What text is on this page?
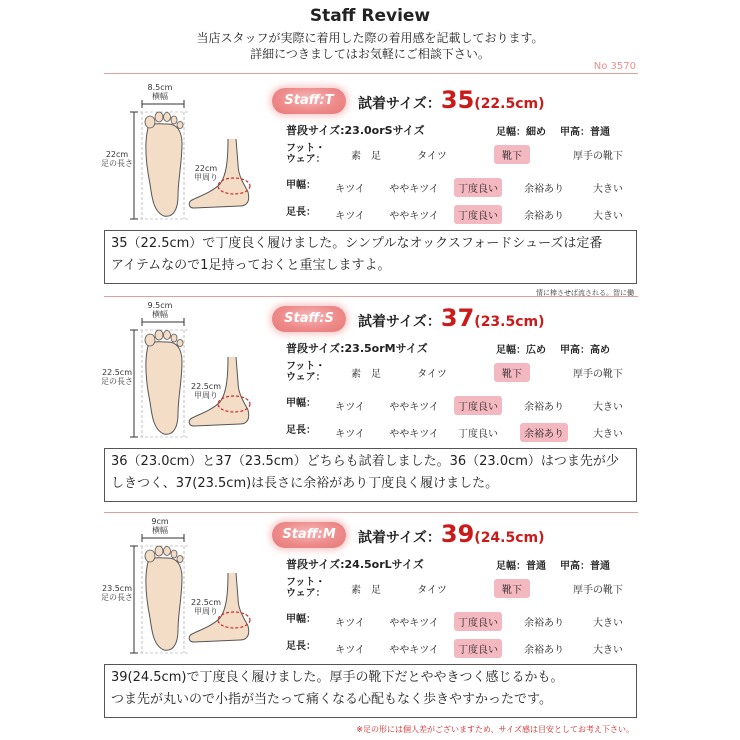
Staff Review
当店スタッフが実際に着用した際の着用感を記載しております。
詳細につきましてはお気軽にご相談下さい。
No 3570
8.5cm
横幅
22cm
足の長さ
22cm
甲周り
Staff:T	試着サイズ：35(22.5cm)
普段サイズ:23.0orSサイズ	足幅：細め 甲高：普通
フット・
ウェア：	素　足	タイツ	靴下	厚手の靴下
甲幅：	キツイ	ややキツイ	丁度良い	余裕あり	大きい
足長：	キツイ	ややキツイ	丁度良い	余裕あり	大きい
35（22.5cm）で丁度良く履けました。シンプルなオックスフォードシューズは定番
アイテムなので1足持っておくと重宝しますよ。
情に棒させば流される。智に働
9.5cm
横幅
22.5cm
足の長さ
22.5cm
甲周り
Staff:S	試着サイズ：37(23.5cm)
普段サイズ:23.5orMサイズ	足幅：広め 甲高：高め
フット・
ウェア：	素　足	タイツ	靴下	厚手の靴下
甲幅：	キツイ	ややキツイ	丁度良い	余裕あり	大きい
足長：	キツイ	ややキツイ	丁度良い	余裕あり	大きい
36（23.0cm）と37（23.5cm）どちらも試着しました。36（23.0cm）はつま先が少
しきつく、37(23.5cm)は長さに余裕があり丁度良く履けました。
9cm
横幅
23.5cm
足の長さ
22.5cm
甲周り
Staff:M	試着サイズ：39(24.5cm)
普段サイズ:24.5orLサイズ	足幅：普通 甲高：普通
フット・
ウェア：	素　足	タイツ	靴下	厚手の靴下
甲幅：	キツイ	ややキツイ	丁度良い	余裕あり	大きい
足長：	キツイ	ややキツイ	丁度良い	余裕あり	大きい
39(24.5cm)で丁度良く履けました。厚手の靴下だとややきつく感じるかも。
つま先が丸いので小指が当たって痛くなる心配もなく歩きやすかったです。
※足の形には個人差がございますため、サイズ感は目安としてお考え下さい。
